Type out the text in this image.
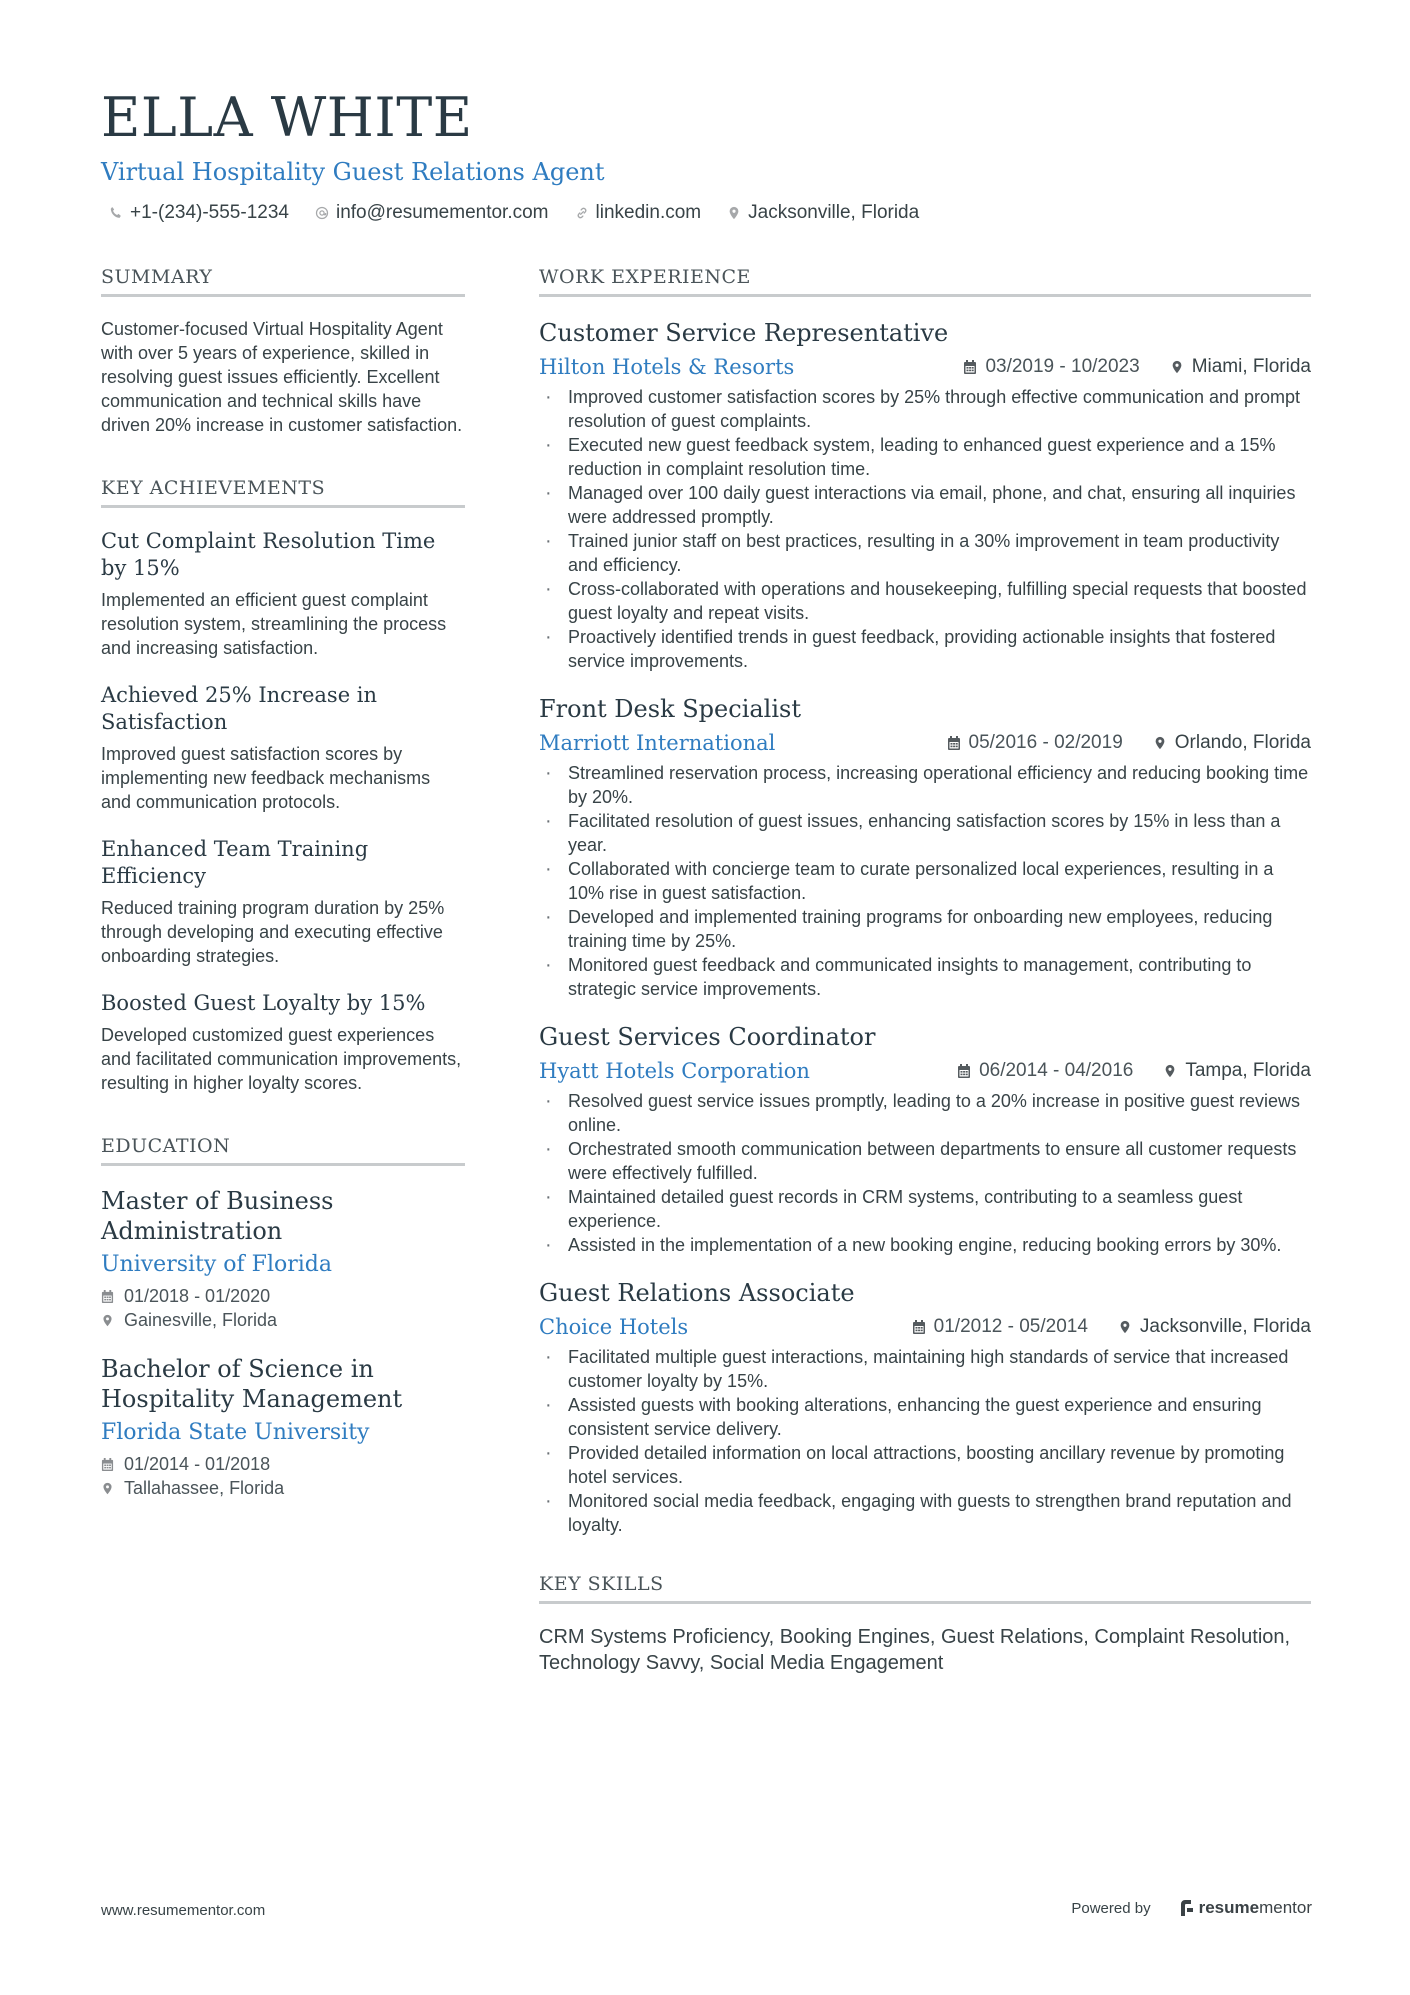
ELLA WHITE
Virtual Hospitality Guest Relations Agent
+1-(234)-555-1234 info@resumementor.com linkedin.com Jacksonville, Florida
SUMMARY
Customer-focused Virtual Hospitality Agent with over 5 years of experience, skilled in resolving guest issues efficiently. Excellent communication and technical skills have driven 20% increase in customer satisfaction.
KEY ACHIEVEMENTS
Cut Complaint Resolution Time by 15%
Implemented an efficient guest complaint resolution system, streamlining the process and increasing satisfaction.
Achieved 25% Increase in Satisfaction
Improved guest satisfaction scores by implementing new feedback mechanisms and communication protocols.
Enhanced Team Training Efficiency
Reduced training program duration by 25% through developing and executing effective onboarding strategies.
Boosted Guest Loyalty by 15%
Developed customized guest experiences and facilitated communication improvements, resulting in higher loyalty scores.
EDUCATION
Master of Business Administration
University of Florida
01/2018 - 01/2020
Gainesville, Florida
Bachelor of Science in Hospitality Management
Florida State University
01/2014 - 01/2018
Tallahassee, Florida
WORK EXPERIENCE
Customer Service Representative
Hilton Hotels & Resorts	03/2019 - 10/2023	Miami, Florida
· Improved customer satisfaction scores by 25% through effective communication and prompt resolution of guest complaints.
· Executed new guest feedback system, leading to enhanced guest experience and a 15% reduction in complaint resolution time.
· Managed over 100 daily guest interactions via email, phone, and chat, ensuring all inquiries were addressed promptly.
· Trained junior staff on best practices, resulting in a 30% improvement in team productivity and efficiency.
· Cross-collaborated with operations and housekeeping, fulfilling special requests that boosted guest loyalty and repeat visits.
· Proactively identified trends in guest feedback, providing actionable insights that fostered service improvements.
Front Desk Specialist
Marriott International	05/2016 - 02/2019	Orlando, Florida
· Streamlined reservation process, increasing operational efficiency and reducing booking time by 20%.
· Facilitated resolution of guest issues, enhancing satisfaction scores by 15% in less than a year.
· Collaborated with concierge team to curate personalized local experiences, resulting in a 10% rise in guest satisfaction.
· Developed and implemented training programs for onboarding new employees, reducing training time by 25%.
· Monitored guest feedback and communicated insights to management, contributing to strategic service improvements.
Guest Services Coordinator
Hyatt Hotels Corporation	06/2014 - 04/2016	Tampa, Florida
· Resolved guest service issues promptly, leading to a 20% increase in positive guest reviews online.
· Orchestrated smooth communication between departments to ensure all customer requests were effectively fulfilled.
· Maintained detailed guest records in CRM systems, contributing to a seamless guest experience.
· Assisted in the implementation of a new booking engine, reducing booking errors by 30%.
Guest Relations Associate
Choice Hotels	01/2012 - 05/2014	Jacksonville, Florida
· Facilitated multiple guest interactions, maintaining high standards of service that increased customer loyalty by 15%.
· Assisted guests with booking alterations, enhancing the guest experience and ensuring consistent service delivery.
· Provided detailed information on local attractions, boosting ancillary revenue by promoting hotel services.
· Monitored social media feedback, engaging with guests to strengthen brand reputation and loyalty.
KEY SKILLS
CRM Systems Proficiency, Booking Engines, Guest Relations, Complaint Resolution, Technology Savvy, Social Media Engagement
www.resumementor.com	Powered by	resume mentor
